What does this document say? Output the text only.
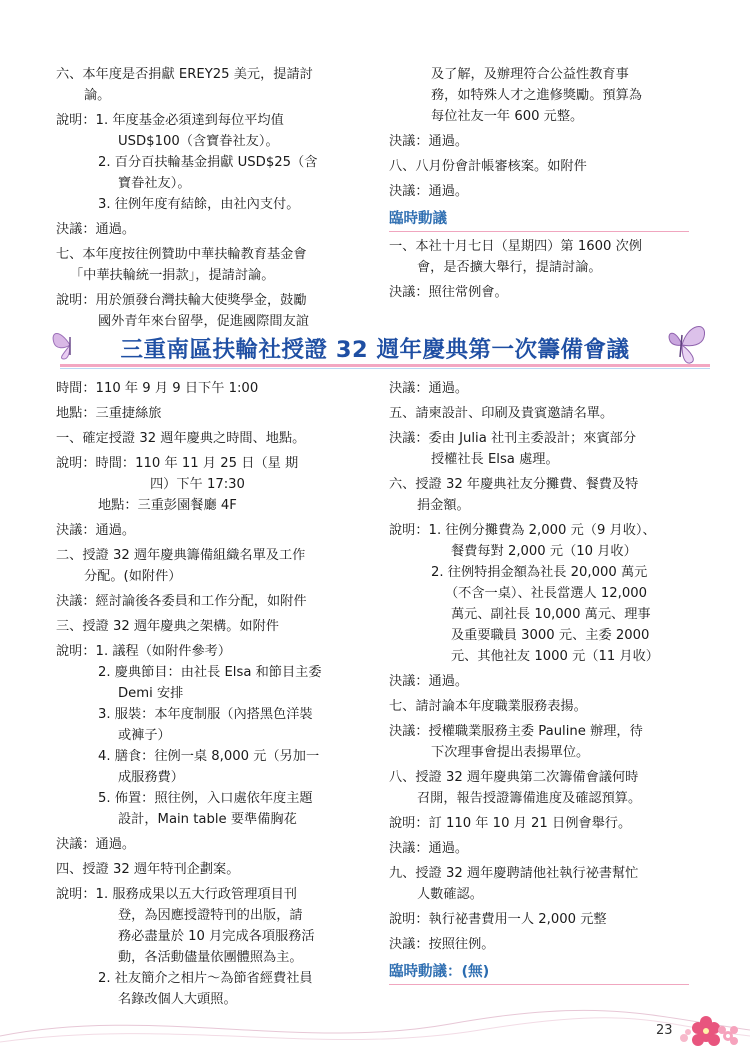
六、本年度是否捐獻 EREY25 美元，提請討
論。
說明：1. 年度基金必須達到每位平均值
USD$100（含寶眷社友）。
2. 百分百扶輪基金捐獻 USD$25（含
寶眷社友）。
3. 往例年度有結餘，由社內支付。
決議：通過。
七、本年度按往例贊助中華扶輪教育基金會
「中華扶輪統一捐款」，提請討論。
說明：用於頒發台灣扶輪大使獎學金，鼓勵
國外青年來台留學，促進國際間友誼
及了解，及辦理符合公益性教育事
務，如特殊人才之進修獎勵。預算為
每位社友一年 600 元整。
決議：通過。
八、八月份會計帳審核案。如附件
決議：通過。
臨時動議
一、本社十月七日（星期四）第 1600 次例
會，是否擴大舉行，提請討論。
決議：照往常例會。
三重南區扶輪社授證 32 週年慶典第一次籌備會議
時間：110 年 9 月 9 日下午 1:00
地點：三重捷絲旅
一、確定授證 32 週年慶典之時間、地點。
說明：時間：110 年 11 月 25 日（星 期
四）下午 17:30
地點：三重彭園餐廳 4F
決議：通過。
二、授證 32 週年慶典籌備組織名單及工作
分配。(如附件）
決議：經討論後各委員和工作分配，如附件
三、授證 32 週年慶典之架構。如附件
說明：1. 議程（如附件參考）
2. 慶典節目：由社長 Elsa 和節目主委
Demi 安排
3. 服裝：本年度制服（內搭黑色洋裝
或褲子）
4. 膳食：往例一桌 8,000 元（另加一
成服務費）
5. 佈置：照往例，入口處依年度主題
設計，Main table 要準備胸花
決議：通過。
四、授證 32 週年特刊企劃案。
說明：1. 服務成果以五大行政管理項目刊
登，為因應授證特刊的出版，請
務必盡量於 10 月完成各項服務活
動，各活動儘量依團體照為主。
2. 社友簡介之相片～為節省經費社員
名錄改個人大頭照。
決議：通過。
五、請柬設計、印刷及貴賓邀請名單。
決議：委由 Julia 社刊主委設計；來賓部分
授權社長 Elsa 處理。
六、授證 32 年慶典社友分攤費、餐費及特
捐金額。
說明：1. 往例分攤費為 2,000 元（9 月收）、
餐費每對 2,000 元（10 月收）
2. 往例特捐金額為社長 20,000 萬元
（不含一桌）、社長當選人 12,000
萬元、副社長 10,000 萬元、理事
及重要職員 3000 元、主委 2000
元、其他社友 1000 元（11 月收）
決議：通過。
七、請討論本年度職業服務表揚。
決議：授權職業服務主委 Pauline 辦理，待
下次理事會提出表揚單位。
八、授證 32 週年慶典第二次籌備會議何時
召開，報告授證籌備進度及確認預算。
說明：訂 110 年 10 月 21 日例會舉行。
決議：通過。
九、授證 32 週年慶聘請他社執行祕書幫忙
人數確認。
說明：執行祕書費用一人 2,000 元整
決議：按照往例。
臨時動議：(無)
23
